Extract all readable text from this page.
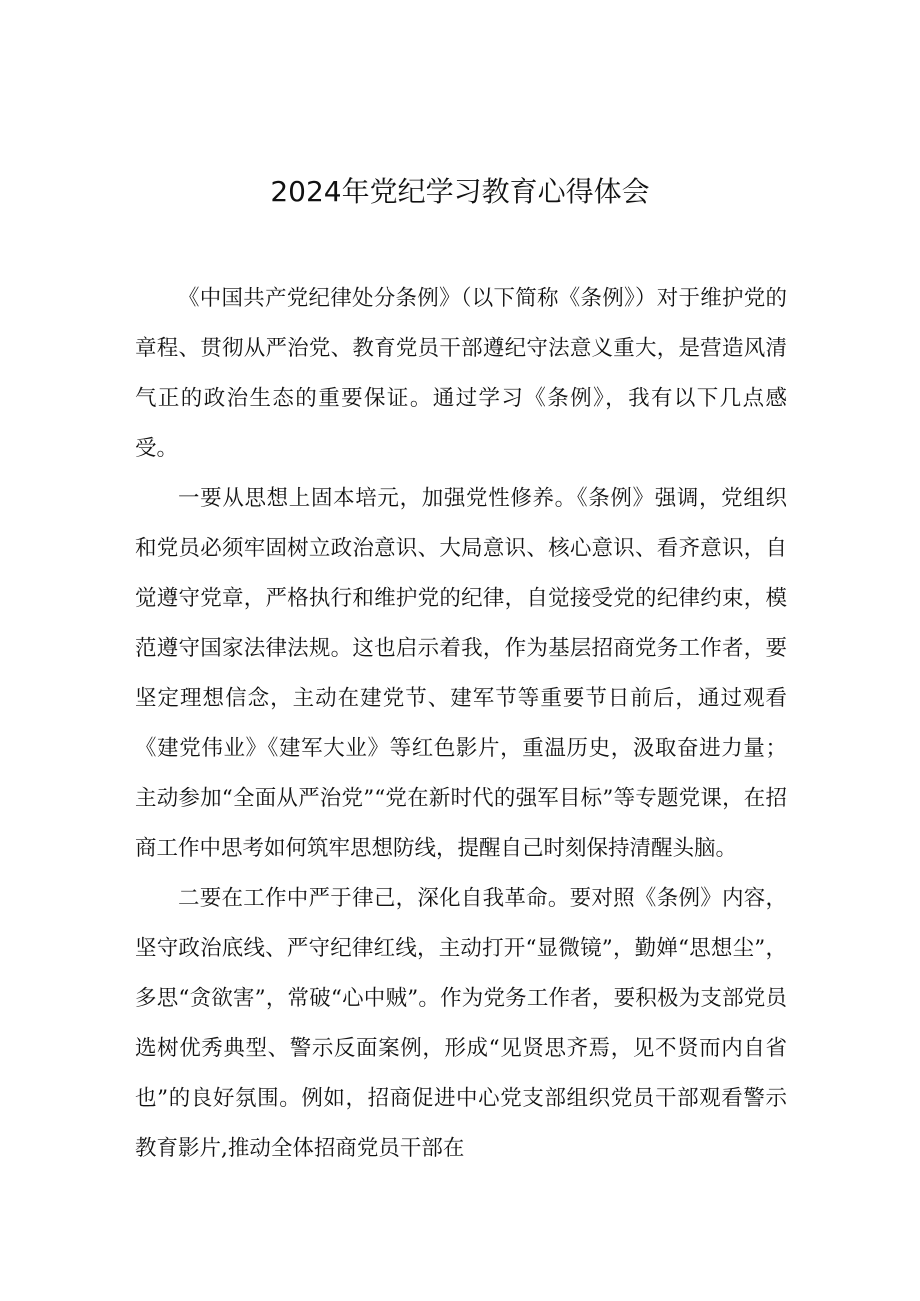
2024年党纪学习教育心得体会

《中国共产党纪律处分条例》（以下简称《条例》）对于维护党的章程、贯彻从严治党、教育党员干部遵纪守法意义重大，是营造风清气正的政治生态的重要保证。通过学习《条例》，我有以下几点感受。

一要从思想上固本培元，加强党性修养。《条例》强调，党组织和党员必须牢固树立政治意识、大局意识、核心意识、看齐意识，自觉遵守党章，严格执行和维护党的纪律，自觉接受党的纪律约束，模范遵守国家法律法规。这也启示着我，作为基层招商党务工作者，要坚定理想信念，主动在建党节、建军节等重要节日前后，通过观看《建党伟业》《建军大业》等红色影片，重温历史，汲取奋进力量；主动参加“全面从严治党”“党在新时代的强军目标”等专题党课，在招商工作中思考如何筑牢思想防线，提醒自己时刻保持清醒头脑。

二要在工作中严于律己，深化自我革命。要对照《条例》内容，坚守政治底线、严守纪律红线，主动打开“显微镜”，勤婵“思想尘”，多思“贪欲害”，常破“心中贼”。作为党务工作者，要积极为支部党员选树优秀典型、警示反面案例，形成“见贤思齐焉，见不贤而内自省也”的良好氛围。例如，招商促进中心党支部组织党员干部观看警示教育影片,推动全体招商党员干部在
